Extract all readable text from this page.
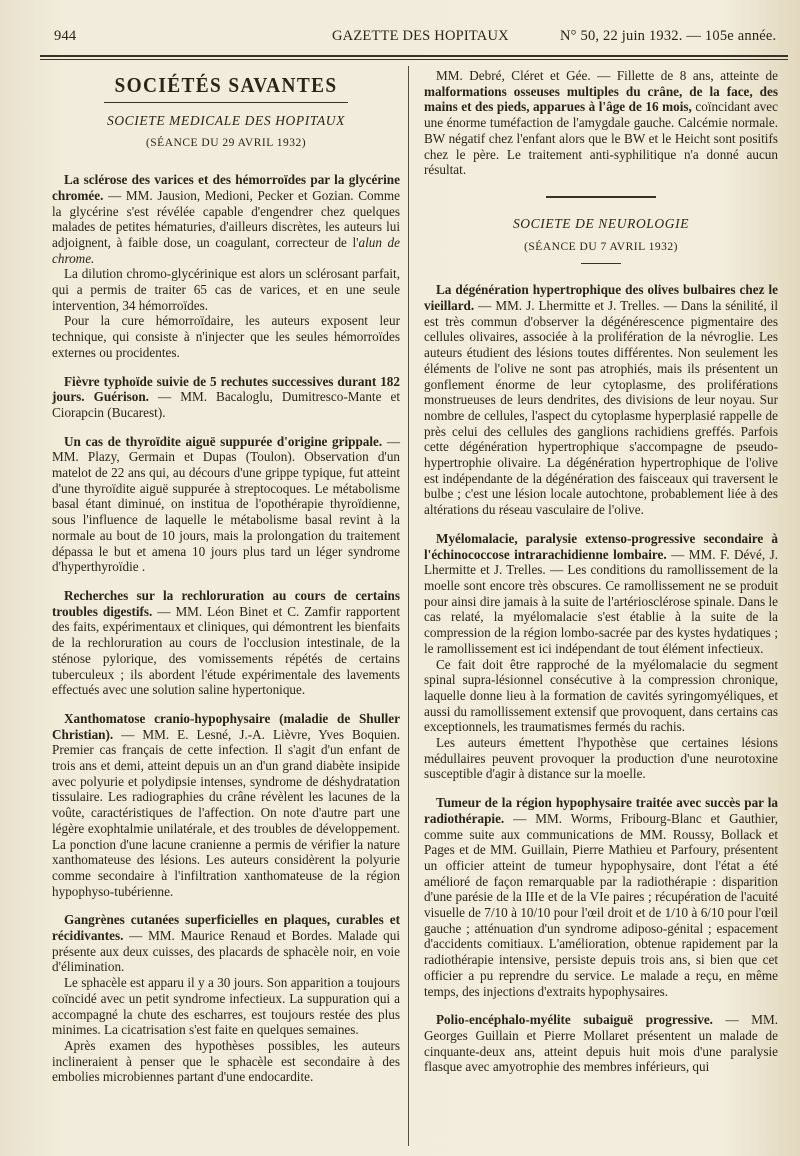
944	GAZETTE DES HOPITAUX	N° 50, 22 juin 1932. — 105e année.
SOCIÉTÉS SAVANTES
SOCIETE MEDICALE DES HOPITAUX
(SÉANCE DU 29 AVRIL 1932)

La sclérose des varices et des hémorroïdes par la glycérine chromée. — MM. Jausion, Medioni, Pecker et Gozian. Comme la glycérine s'est révélée capable d'engendrer chez quelques malades de petites hématuries, d'ailleurs discrètes, les auteurs lui adjoignent, à faible dose, un coagulant, correcteur de l'alun de chrome.

La dilution chromo-glycérinique est alors un sclérosant parfait, qui a permis de traiter 65 cas de varices, et en une seule intervention, 34 hémorroïdes.

Pour la cure hémorroïdaire, les auteurs exposent leur technique, qui consiste à n'injecter que les seules hémorroïdes externes ou procidentes.

Fièvre typhoïde suivie de 5 rechutes successives durant 182 jours. Guérison. — MM. Bacaloglu, Dumitresco-Mante et Ciorapcin (Bucarest).

Un cas de thyroïdite aiguë suppurée d'origine grippale. — MM. Plazy, Germain et Dupas (Toulon). Observation d'un matelot de 22 ans qui, au décours d'une grippe typique, fut atteint d'une thyroïdite aiguë suppurée à streptocoques. Le métabolisme basal étant diminué, on institua de l'opothérapie thyroïdienne, sous l'influence de laquelle le métabolisme basal revint à la normale au bout de 10 jours, mais la prolongation du traitement dépassa le but et amena 10 jours plus tard un léger syndrome d'hyperthyroïdie .

Recherches sur la rechloruration au cours de certains troubles digestifs. — MM. Léon Binet et C. Zamfir rapportent des faits, expérimentaux et cliniques, qui démontrent les bienfaits de la rechloruration au cours de l'occlusion intestinale, de la sténose pylorique, des vomissements répétés de certains tuberculeux ; ils abordent l'étude expérimentale des lavements effectués avec une solution saline hypertonique.

Xanthomatose cranio-hypophysaire (maladie de Shuller Christian). — MM. E. Lesné, J.-A. Lièvre, Yves Boquien. Premier cas français de cette infection. Il s'agit d'un enfant de trois ans et demi, atteint depuis un an d'un grand diabète insipide avec polyurie et polydipsie intenses, syndrome de déshydratation tissulaire. Les radiographies du crâne révèlent les lacunes de la voûte, caractéristiques de l'affection. On note d'autre part une légère exophtalmie unilatérale, et des troubles de développement. La ponction d'une lacune cranienne a permis de vérifier la nature xanthomateuse des lésions. Les auteurs considèrent la polyurie comme secondaire à l'infiltration xanthomateuse de la région hypophyso-tubérienne.

Gangrènes cutanées superficielles en plaques, curables et récidivantes. — MM. Maurice Renaud et Bordes. Malade qui présente aux deux cuisses, des placards de sphacèle noir, en voie d'élimination.

Le sphacèle est apparu il y a 30 jours. Son apparition a toujours coïncidé avec un petit syndrome infectieux. La suppuration qui a accompagné la chute des escharres, est toujours restée des plus minimes. La cicatrisation s'est faite en quelques semaines.

Après examen des hypothèses possibles, les auteurs inclineraient à penser que le sphacèle est secondaire à des embolies microbiennes partant d'une endocardite.

MM. Debré, Cléret et Gée. — Fillette de 8 ans, atteinte de malformations osseuses multiples du crâne, de la face, des mains et des pieds, apparues à l'âge de 16 mois, coïncidant avec une énorme tuméfaction de l'amygdale gauche. Calcémie normale. BW négatif chez l'enfant alors que le BW et le Heicht sont positifs chez le père. Le traitement anti-syphilitique n'a donné aucun résultat.

SOCIETE DE NEUROLOGIE
(SÉANCE DU 7 AVRIL 1932)

La dégénération hypertrophique des olives bulbaires chez le vieillard. — MM. J. Lhermitte et J. Trelles. — Dans la sénilité, il est très commun d'observer la dégénérescence pigmentaire des cellules olivaires, associée à la prolifération de la névroglie. Les auteurs étudient des lésions toutes différentes. Non seulement les éléments de l'olive ne sont pas atrophiés, mais ils présentent un gonflement énorme de leur cytoplasme, des proliférations monstrueuses de leurs dendrites, des divisions de leur noyau. Sur nombre de cellules, l'aspect du cytoplasme hyperplasié rappelle de près celui des cellules des ganglions rachidiens greffés. Parfois cette dégénération hypertrophique s'accompagne de pseudo-hypertrophie olivaire. La dégénération hypertrophique de l'olive est indépendante de la dégénération des faisceaux qui traversent le bulbe ; c'est une lésion locale autochtone, probablement liée à des altérations du réseau vasculaire de l'olive.

Myélomalacie, paralysie extenso-progressive secondaire à l'échinococcose intrarachidienne lombaire. — MM. F. Dévé, J. Lhermitte et J. Trelles. — Les conditions du ramollissement de la moelle sont encore très obscures. Ce ramollissement ne se produit pour ainsi dire jamais à la suite de l'artériosclérose spinale. Dans le cas relaté, la myélomalacie s'est établie à la suite de la compression de la région lombo-sacrée par des kystes hydatiques ; le ramollissement est ici indépendant de tout élément infectieux.

Ce fait doit être rapproché de la myélomalacie du segment spinal supra-lésionnel consécutive à la compression chronique, laquelle donne lieu à la formation de cavités syringomyéliques, et aussi du ramollissement extensif que provoquent, dans certains cas exceptionnels, les traumatismes fermés du rachis.

Les auteurs émettent l'hypothèse que certaines lésions médullaires peuvent provoquer la production d'une neurotoxine susceptible d'agir à distance sur la moelle.

Tumeur de la région hypophysaire traitée avec succès par la radiothérapie. — MM. Worms, Fribourg-Blanc et Gauthier, comme suite aux communications de MM. Roussy, Bollack et Pages et de MM. Guillain, Pierre Mathieu et Parfoury, présentent un officier atteint de tumeur hypophysaire, dont l'état a été amélioré de façon remarquable par la radiothérapie : disparition d'une parésie de la IIIe et de la VIe paires ; récupération de l'acuité visuelle de 7/10 à 10/10 pour l'œil droit et de 1/10 à 6/10 pour l'œil gauche ; atténuation d'un syndrome adiposo-génital ; espacement d'accidents comitiaux. L'amélioration, obtenue rapidement par la radiothérapie intensive, persiste depuis trois ans, si bien que cet officier a pu reprendre du service. Le malade a reçu, en même temps, des injections d'extraits hypophysaires.

Polio-encéphalo-myélite subaiguë progressive. — MM. Georges Guillain et Pierre Mollaret présentent un malade de cinquante-deux ans, atteint depuis huit mois d'une paralysie flasque avec amyotrophie des membres inférieurs, qui
